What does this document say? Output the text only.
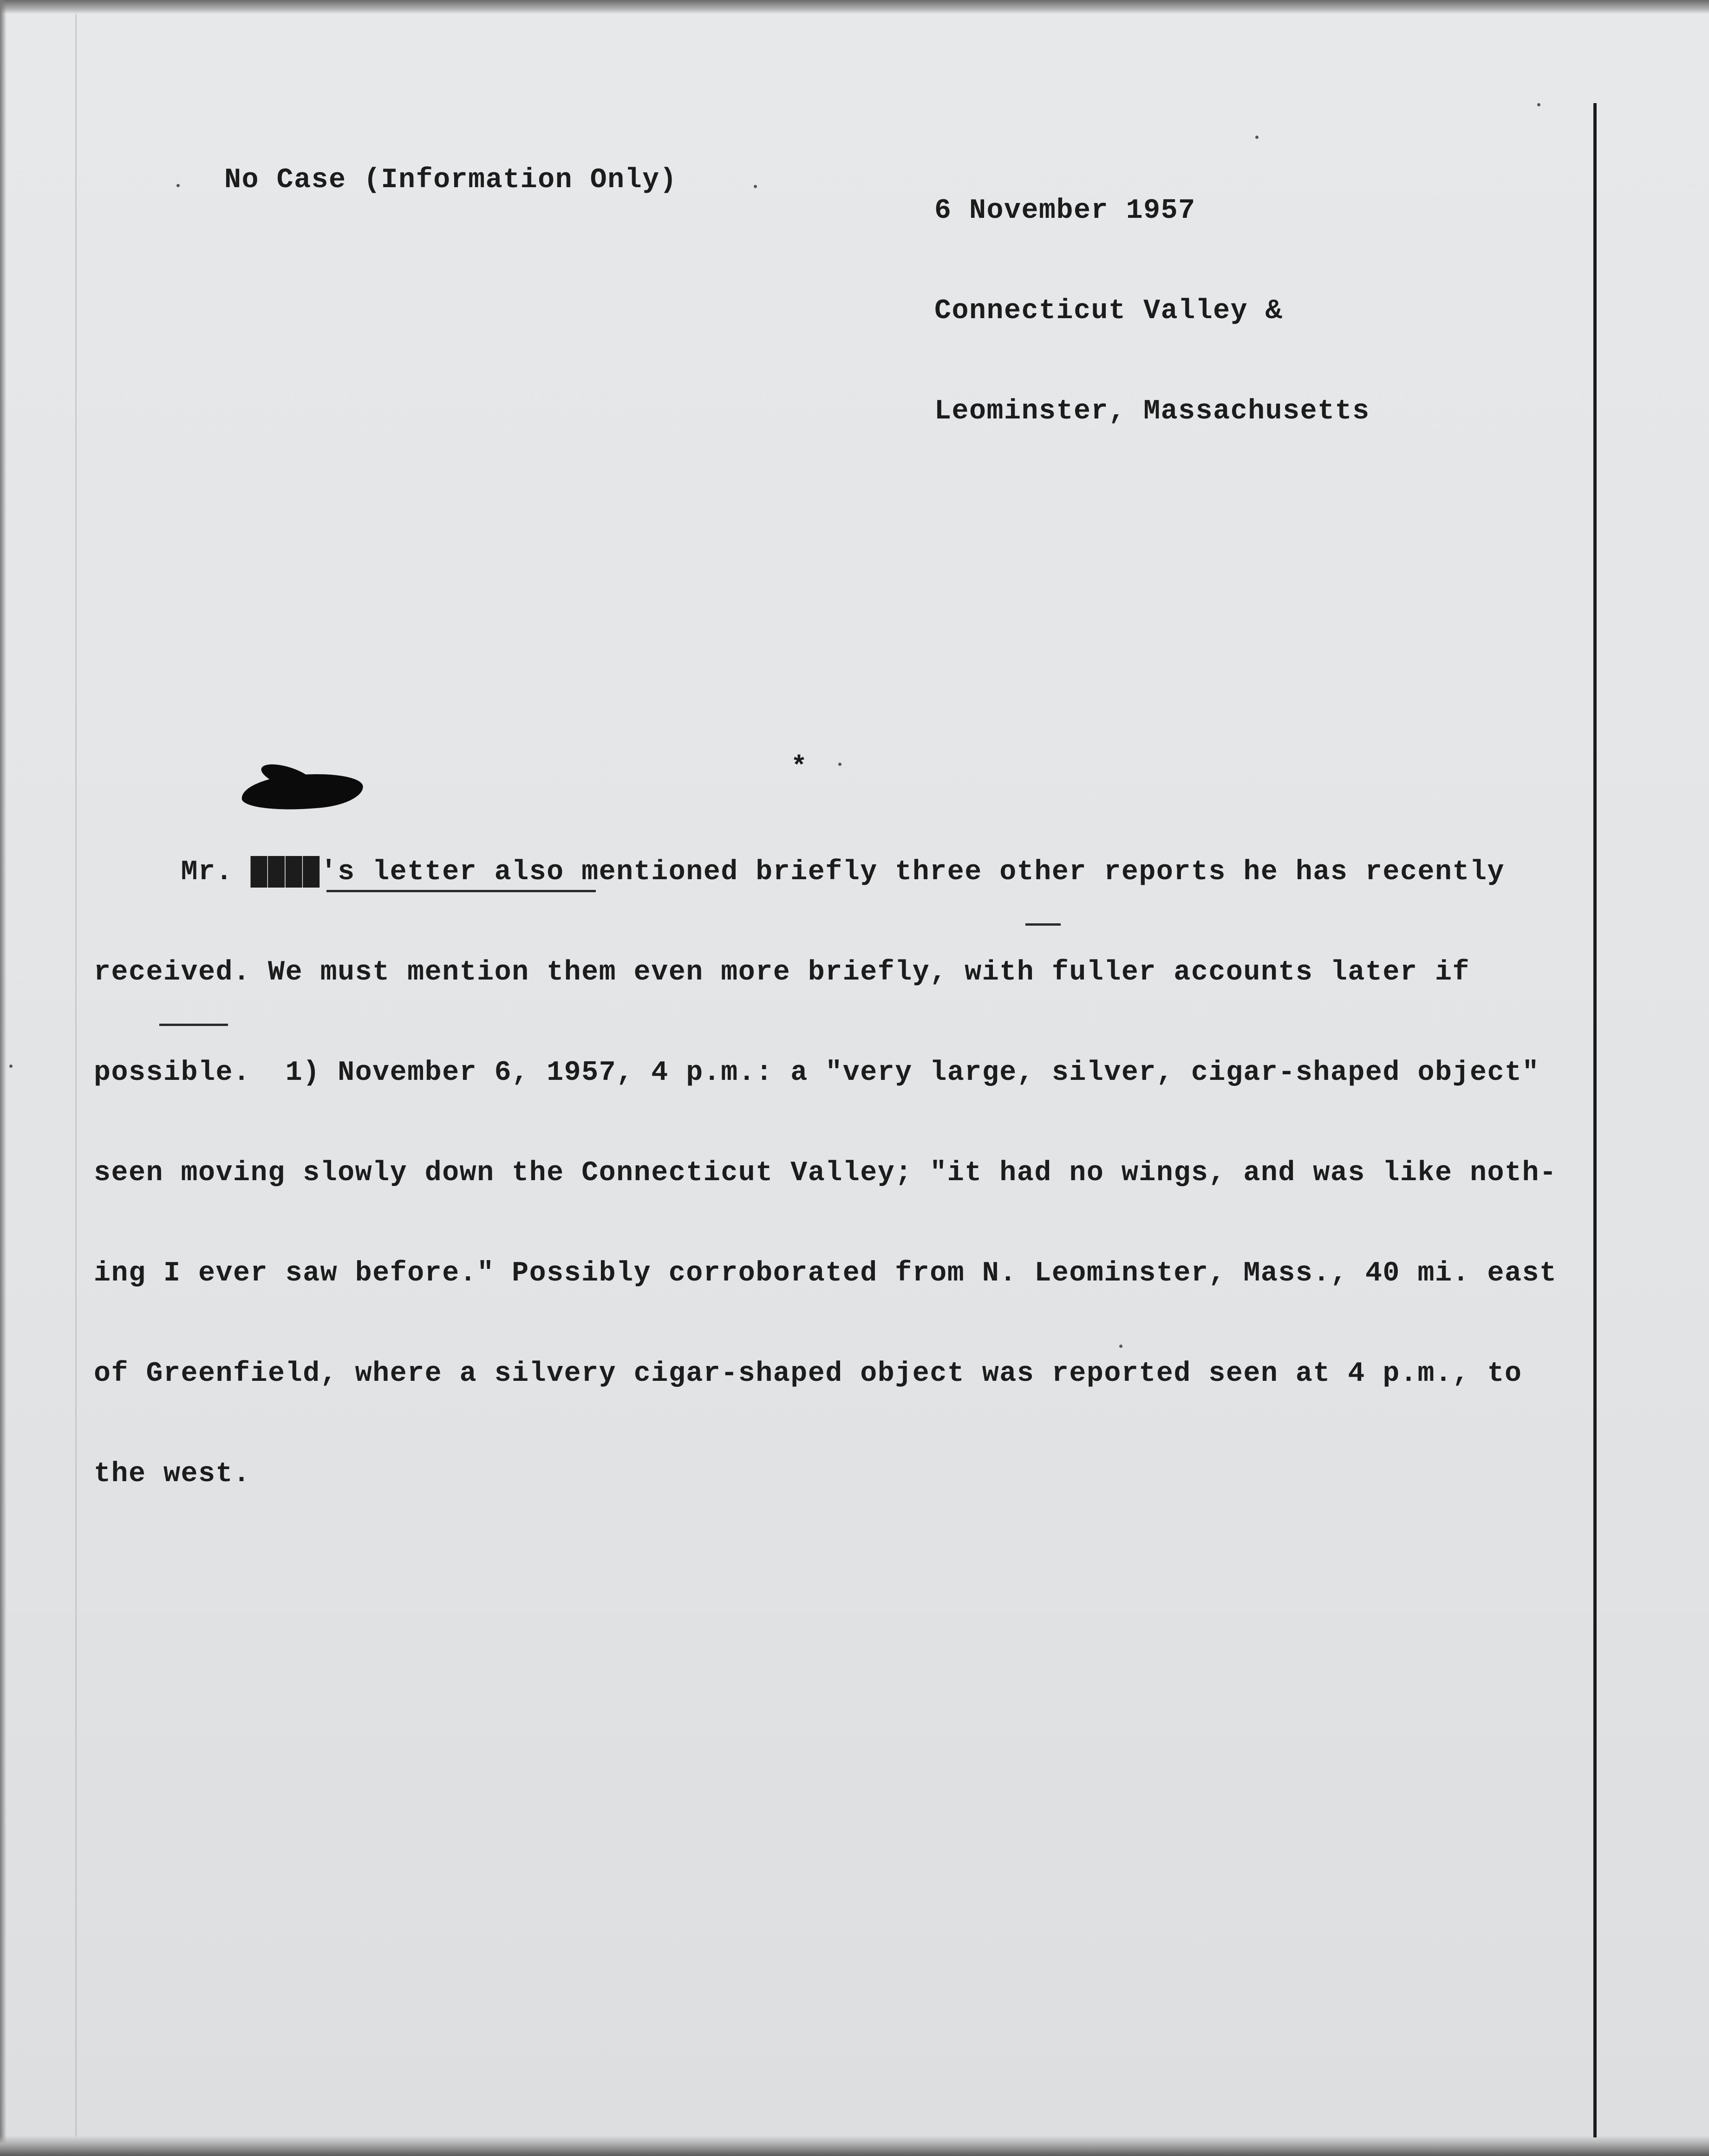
No Case (Information Only)

6 November 1957

Connecticut Valley &

Leominster, Massachusetts

*

Mr. ████'s letter also mentioned briefly three other reports he has recently

received. We must mention them even more briefly, with fuller accounts later if

possible.  1) November 6, 1957, 4 p.m.: a "very large, silver, cigar-shaped object"

seen moving slowly down the Connecticut Valley; "it had no wings, and was like noth-

ing I ever saw before." Possibly corroborated from N. Leominster, Mass., 40 mi. east

of Greenfield, where a silvery cigar-shaped object was reported seen at 4 p.m., to

the west.
